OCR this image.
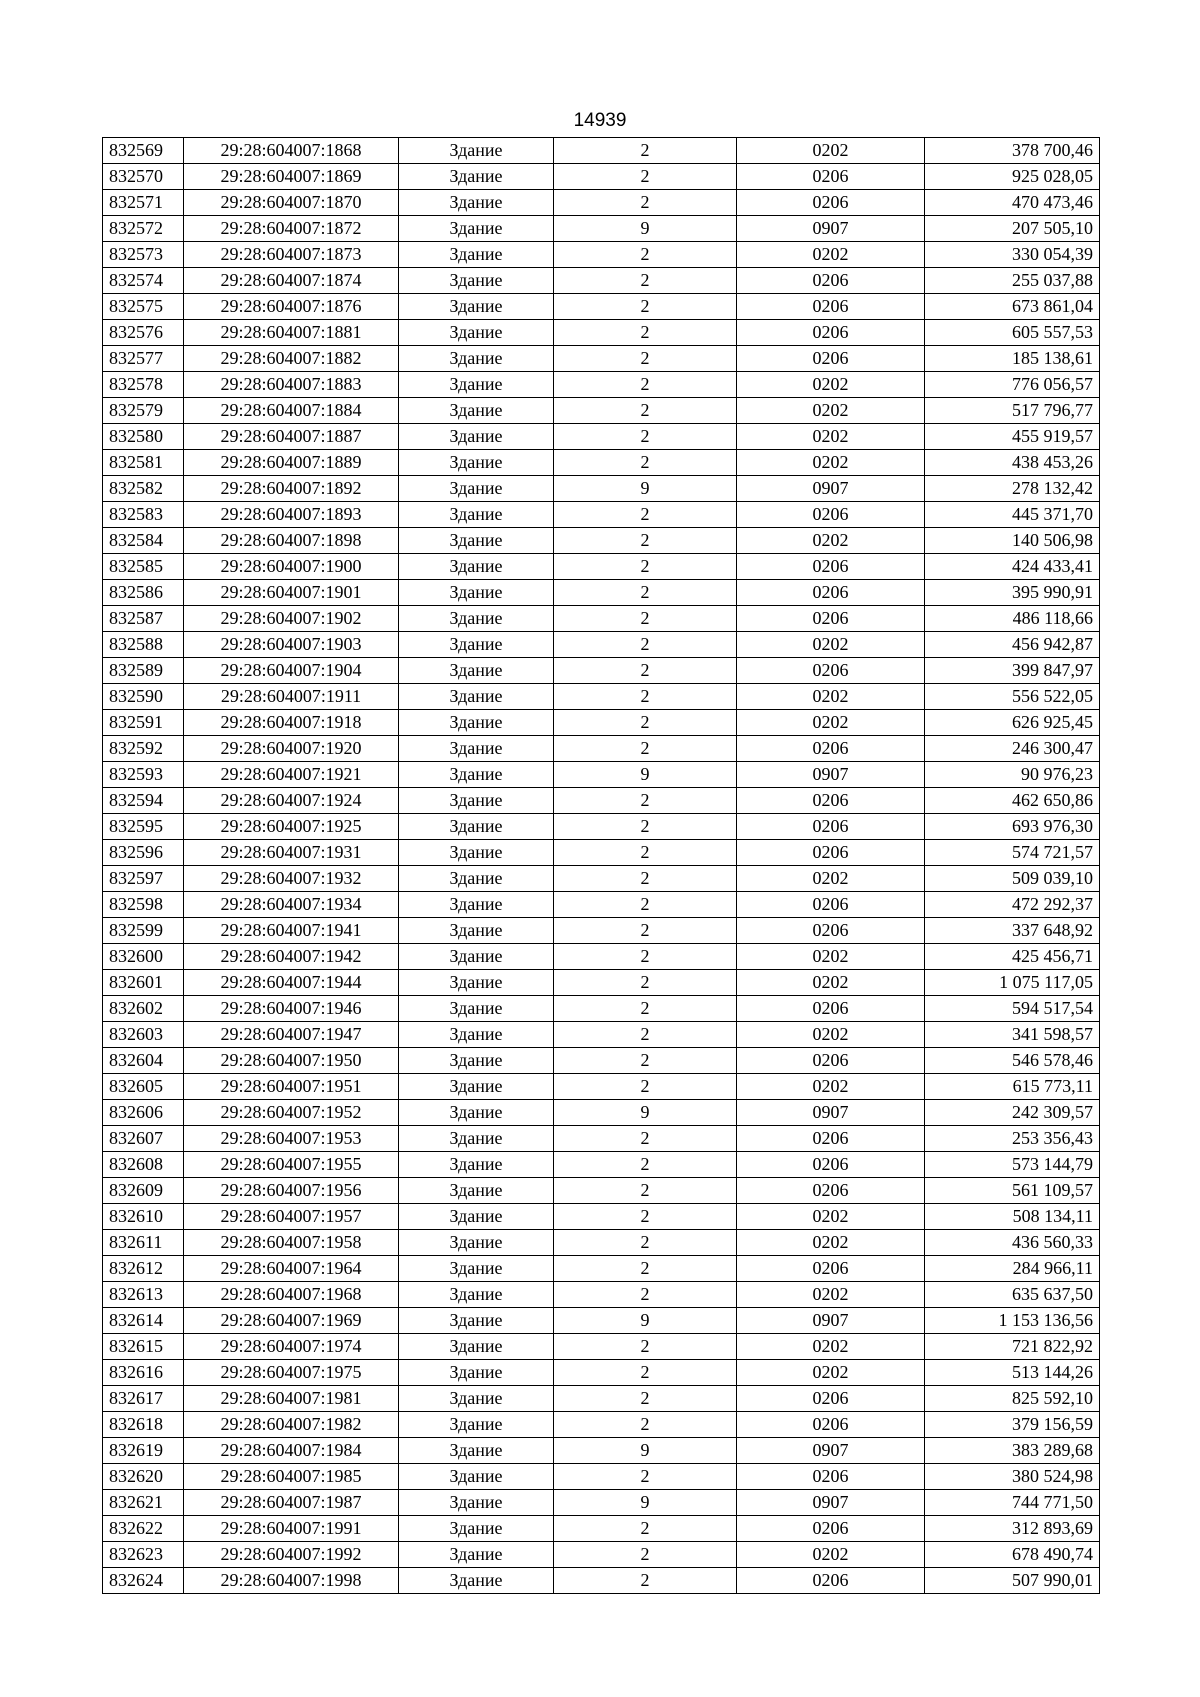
14939
832569	29:28:604007:1868	Здание	2	0202	378 700,46
832570	29:28:604007:1869	Здание	2	0206	925 028,05
832571	29:28:604007:1870	Здание	2	0206	470 473,46
832572	29:28:604007:1872	Здание	9	0907	207 505,10
832573	29:28:604007:1873	Здание	2	0202	330 054,39
832574	29:28:604007:1874	Здание	2	0206	255 037,88
832575	29:28:604007:1876	Здание	2	0206	673 861,04
832576	29:28:604007:1881	Здание	2	0206	605 557,53
832577	29:28:604007:1882	Здание	2	0206	185 138,61
832578	29:28:604007:1883	Здание	2	0202	776 056,57
832579	29:28:604007:1884	Здание	2	0202	517 796,77
832580	29:28:604007:1887	Здание	2	0202	455 919,57
832581	29:28:604007:1889	Здание	2	0202	438 453,26
832582	29:28:604007:1892	Здание	9	0907	278 132,42
832583	29:28:604007:1893	Здание	2	0206	445 371,70
832584	29:28:604007:1898	Здание	2	0202	140 506,98
832585	29:28:604007:1900	Здание	2	0206	424 433,41
832586	29:28:604007:1901	Здание	2	0206	395 990,91
832587	29:28:604007:1902	Здание	2	0206	486 118,66
832588	29:28:604007:1903	Здание	2	0202	456 942,87
832589	29:28:604007:1904	Здание	2	0206	399 847,97
832590	29:28:604007:1911	Здание	2	0202	556 522,05
832591	29:28:604007:1918	Здание	2	0202	626 925,45
832592	29:28:604007:1920	Здание	2	0206	246 300,47
832593	29:28:604007:1921	Здание	9	0907	90 976,23
832594	29:28:604007:1924	Здание	2	0206	462 650,86
832595	29:28:604007:1925	Здание	2	0206	693 976,30
832596	29:28:604007:1931	Здание	2	0206	574 721,57
832597	29:28:604007:1932	Здание	2	0202	509 039,10
832598	29:28:604007:1934	Здание	2	0206	472 292,37
832599	29:28:604007:1941	Здание	2	0206	337 648,92
832600	29:28:604007:1942	Здание	2	0202	425 456,71
832601	29:28:604007:1944	Здание	2	0202	1 075 117,05
832602	29:28:604007:1946	Здание	2	0206	594 517,54
832603	29:28:604007:1947	Здание	2	0202	341 598,57
832604	29:28:604007:1950	Здание	2	0206	546 578,46
832605	29:28:604007:1951	Здание	2	0202	615 773,11
832606	29:28:604007:1952	Здание	9	0907	242 309,57
832607	29:28:604007:1953	Здание	2	0206	253 356,43
832608	29:28:604007:1955	Здание	2	0206	573 144,79
832609	29:28:604007:1956	Здание	2	0206	561 109,57
832610	29:28:604007:1957	Здание	2	0202	508 134,11
832611	29:28:604007:1958	Здание	2	0202	436 560,33
832612	29:28:604007:1964	Здание	2	0206	284 966,11
832613	29:28:604007:1968	Здание	2	0202	635 637,50
832614	29:28:604007:1969	Здание	9	0907	1 153 136,56
832615	29:28:604007:1974	Здание	2	0202	721 822,92
832616	29:28:604007:1975	Здание	2	0202	513 144,26
832617	29:28:604007:1981	Здание	2	0206	825 592,10
832618	29:28:604007:1982	Здание	2	0206	379 156,59
832619	29:28:604007:1984	Здание	9	0907	383 289,68
832620	29:28:604007:1985	Здание	2	0206	380 524,98
832621	29:28:604007:1987	Здание	9	0907	744 771,50
832622	29:28:604007:1991	Здание	2	0206	312 893,69
832623	29:28:604007:1992	Здание	2	0202	678 490,74
832624	29:28:604007:1998	Здание	2	0206	507 990,01
